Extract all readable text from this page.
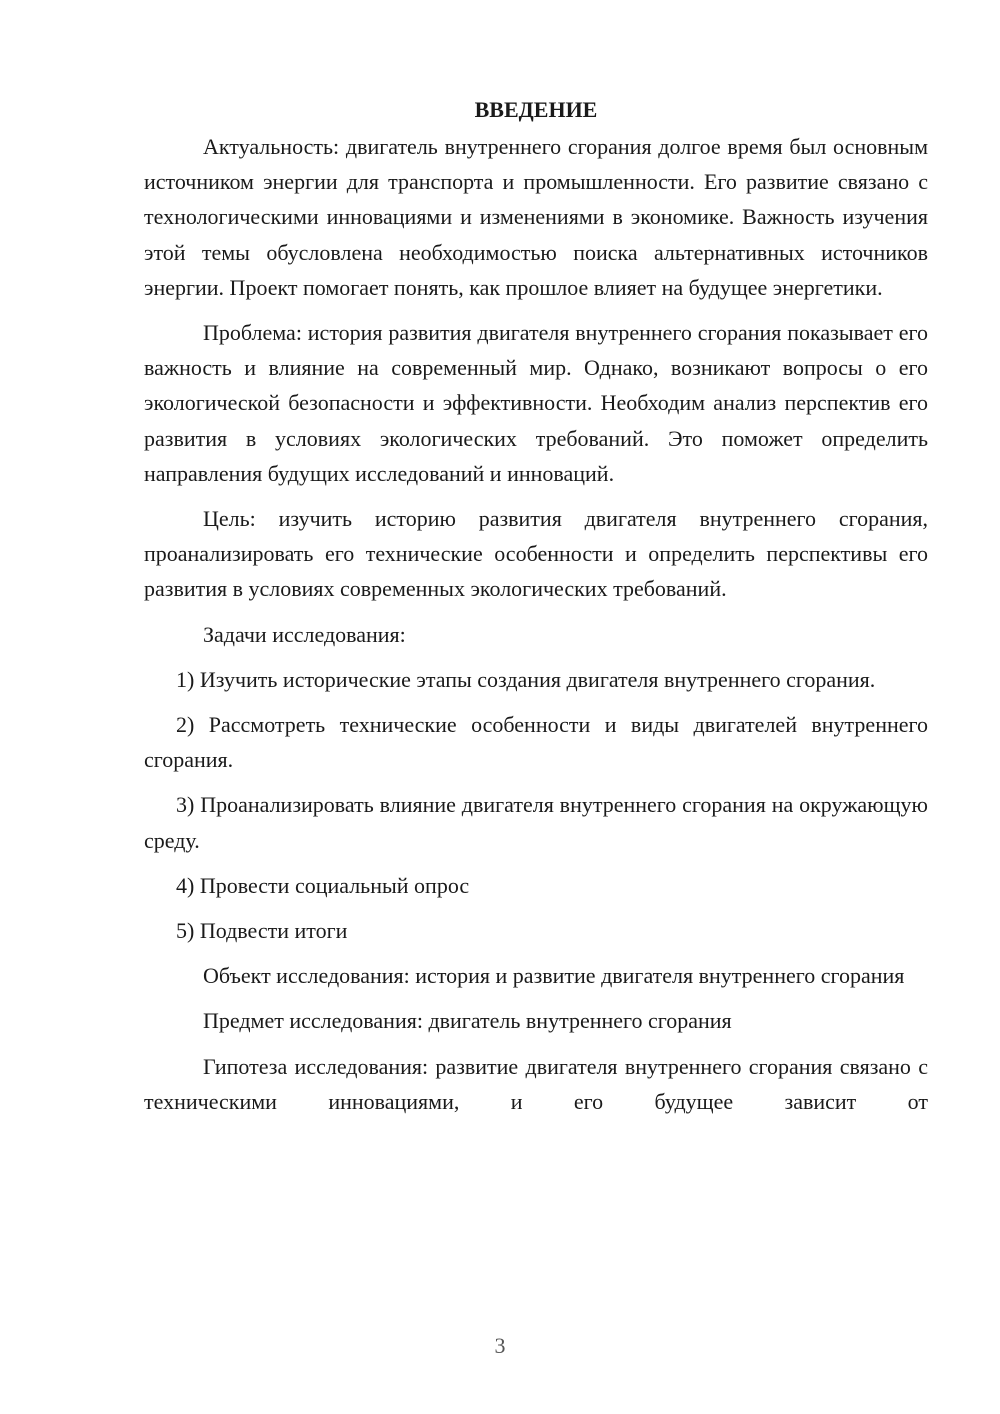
ВВЕДЕНИЕ

Актуальность: двигатель внутреннего сгорания долгое время был основным источником энергии для транспорта и промышленности. Его развитие связано с технологическими инновациями и изменениями в экономике. Важность изучения этой темы обусловлена необходимостью поиска альтернативных источников энергии. Проект помогает понять, как прошлое влияет на будущее энергетики.

Проблема: история развития двигателя внутреннего сгорания показывает его важность и влияние на современный мир. Однако, возникают вопросы о его экологической безопасности и эффективности. Необходим анализ перспектив его развития в условиях экологических требований. Это поможет определить направления будущих исследований и инноваций.

Цель: изучить историю развития двигателя внутреннего сгорания, проанализировать его технические особенности и определить перспективы его развития в условиях современных экологических требований.

Задачи исследования:

1) Изучить исторические этапы создания двигателя внутреннего сгорания.

2) Рассмотреть технические особенности и виды двигателей внутреннего сгорания.

3) Проанализировать влияние двигателя внутреннего сгорания на окружающую среду.

4) Провести социальный опрос

5) Подвести итоги

Объект исследования: история и развитие двигателя внутреннего сгорания

Предмет исследования: двигатель внутреннего сгорания

Гипотеза исследования: развитие двигателя внутреннего сгорания связано с техническими инновациями, и его будущее зависит от

3
